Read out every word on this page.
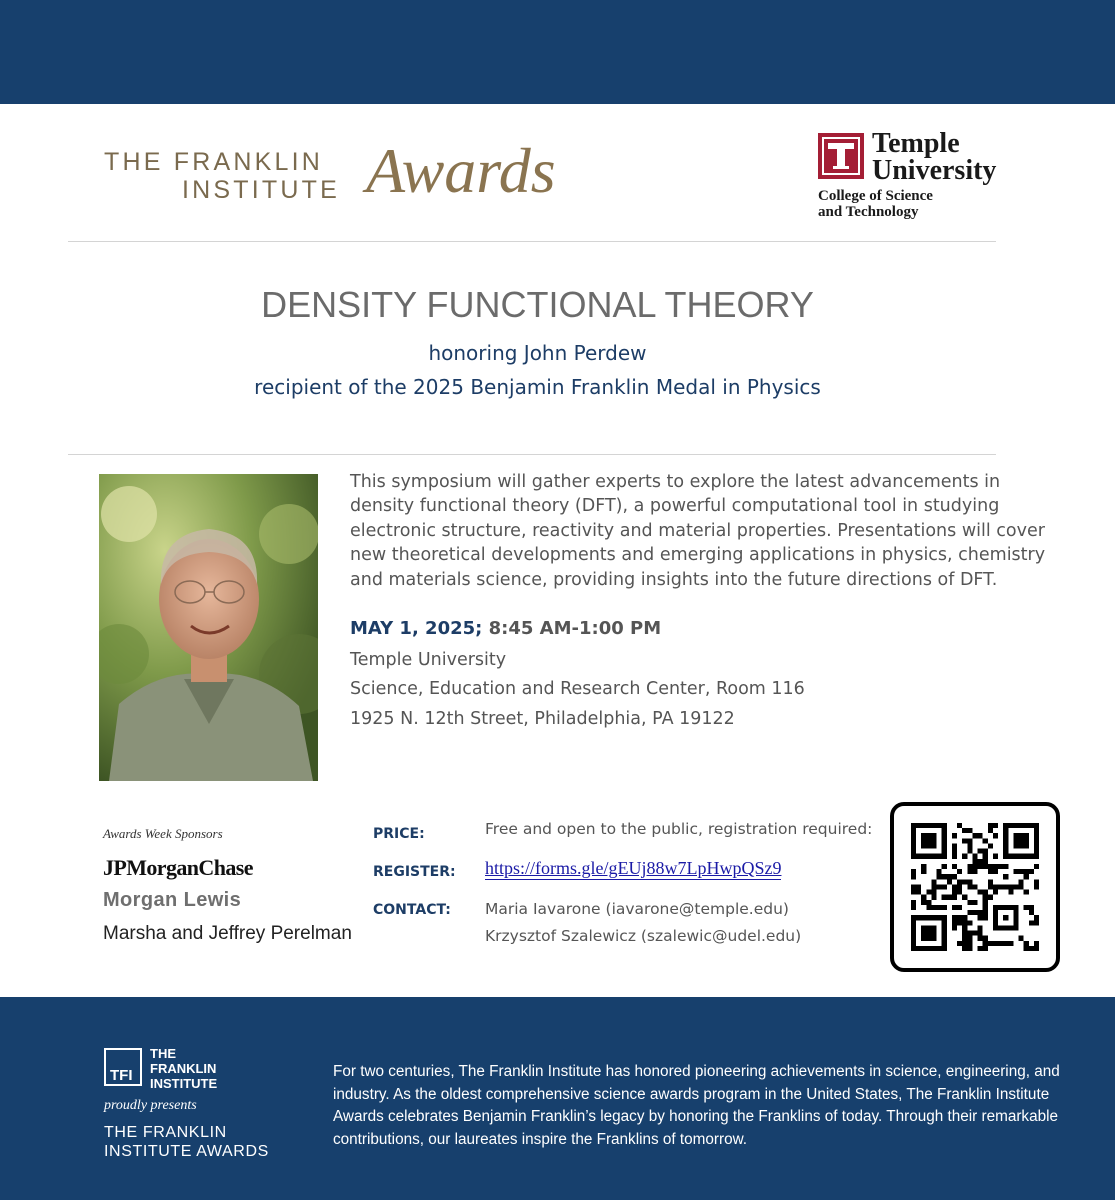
THE FRANKLIN
INSTITUTE Awards	Temple
University
College of Science
and Technology
DENSITY FUNCTIONAL THEORY
honoring John Perdew
recipient of the 2025 Benjamin Franklin Medal in Physics
This symposium will gather experts to explore the latest advancements in density functional theory (DFT), a powerful computational tool in studying electronic structure, reactivity and material properties. Presentations will cover new theoretical developments and emerging applications in physics, chemistry and materials science, providing insights into the future directions of DFT.
MAY 1, 2025; 8:45 AM-1:00 PM
Temple University
Science, Education and Research Center, Room 116
1925 N. 12th Street, Philadelphia, PA 19122
Awards Week Sponsors
JPMorganChase
Morgan Lewis
Marsha and Jeffrey Perelman
PRICE:	Free and open to the public, registration required:
REGISTER: https://forms.gle/gEUj88w7LpHwpQSz9
CONTACT: Maria Iavarone (iavarone@temple.edu)
Krzysztof Szalewicz (szalewic@udel.edu)
TFI
THE
FRANKLIN
INSTITUTE
proudly presents
THE FRANKLIN
INSTITUTE AWARDS
For two centuries, The Franklin Institute has honored pioneering achievements in science, engineering, and industry. As the oldest comprehensive science awards program in the United States, The Franklin Institute Awards celebrates Benjamin Franklin’s legacy by honoring the Franklins of today. Through their remarkable contributions, our laureates inspire the Franklins of tomorrow.
